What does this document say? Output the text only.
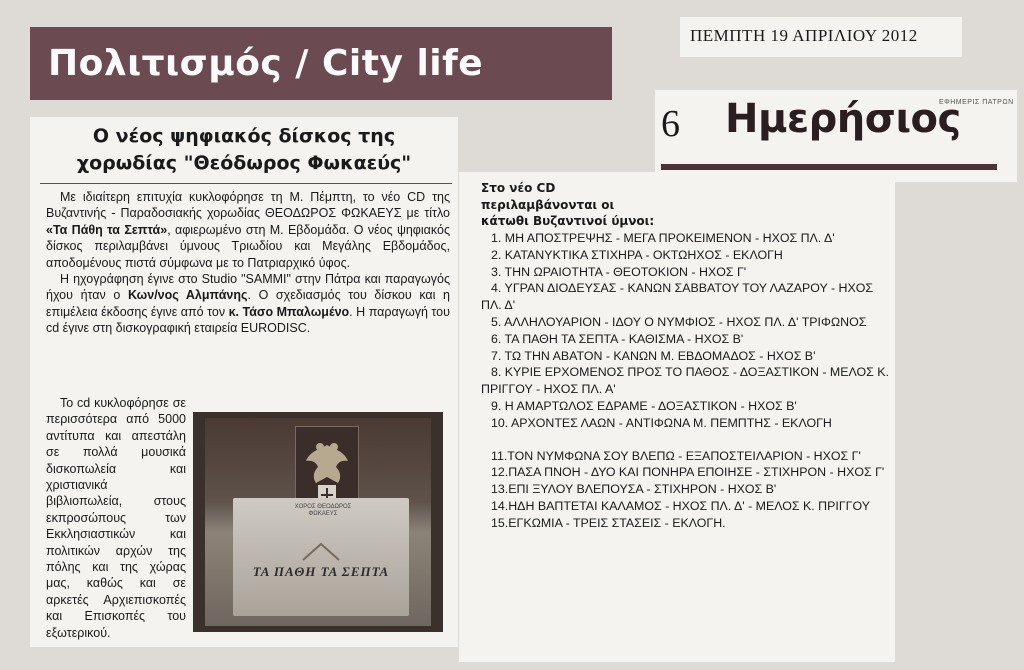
Πολιτισμός / City life
ΠΕΜΠΤΗ 19 ΑΠΡΙΛΙΟΥ 2012
6 Ημερήσιος
ΕΦΗΜΕΡΙΣ ΠΑΤΡΩΝ
Ο νέος ψηφιακός δίσκος της
χορωδίας "Θεόδωρος Φωκαεύς"

Με ιδιαίτερη επιτυχία κυκλοφόρησε τη Μ. Πέμπτη, το νέο CD της Βυζαντινής - Παραδοσιακής χορωδίας ΘΕΟΔΩΡΟΣ ΦΩΚΑΕΥΣ με τίτλο «Τα Πάθη τα Σεπτά», αφιερωμένο στη Μ. Εβδομάδα. Ο νέος ψηφιακός δίσκος περιλαμβάνει ύμνους Τριωδίου και Μεγάλης Εβδομάδος, αποδομένους πιστά σύμφωνα με το Πατριαρχικό ύφος.

Η ηχογράφηση έγινε στο Studio "SAMMI" στην Πάτρα και παραγωγός ήχου ήταν ο Κων/νος Αλμπάνης. Ο σχεδιασμός του δίσκου και η επιμέλεια έκδοσης έγινε από τον κ. Τάσο Μπαλωμένο. Η παραγωγή του cd έγινε στη δισκογραφική εταιρεία EURODISC.

Το cd κυκλοφόρησε σε περισσότερα από 5000 αντίτυπα και απεστάλη σε πολλά μουσικά δισκοπωλεία και χριστιανικά βιβλιοπωλεία, στους εκπροσώπους των Εκκλησιαστικών και πολιτικών αρχών της πόλης και της χώρας μας, καθώς και σε αρκετές Αρχιεπισκοπές και Επισκοπές του εξωτερικού.

ΧΟΡΟΣ ΘΕΟΔΩΡΟΣ ΦΩΚΑΕΥΣ
ΤΑ ΠΑΘΗ ΤΑ ΣΕΠΤΑ
Στο νέο CD περιλαμβάνονται οι κάτωθι Βυζαντινοί ύμνοι:
1. ΜΗ ΑΠΟΣΤΡΕΨΗΣ - ΜΕΓΑ ΠΡΟΚΕΙΜΕΝΟΝ - ΗΧΟΣ ΠΛ. Δ'
2. ΚΑΤΑΝΥΚΤΙΚΑ ΣΤΙΧΗΡΑ - ΟΚΤΩΗΧΟΣ - ΕΚΛΟΓΗ
3. ΤΗΝ ΩΡΑΙΟΤΗΤΑ - ΘΕΟΤΟΚΙΟΝ - ΗΧΟΣ Γ'
4. ΥΓΡΑΝ ΔΙΟΔΕΥΣΑΣ - ΚΑΝΩΝ ΣΑΒΒΑΤΟΥ ΤΟΥ ΛΑΖΑΡΟΥ - ΗΧΟΣ ΠΛ. Δ'
5. ΑΛΛΗΛΟΥΑΡΙΟΝ - ΙΔΟΥ Ο ΝΥΜΦΙΟΣ - ΗΧΟΣ ΠΛ. Δ' ΤΡΙΦΩΝΟΣ
6. ΤΑ ΠΑΘΗ ΤΑ ΣΕΠΤΑ - ΚΑΘΙΣΜΑ - ΗΧΟΣ Β'
7. ΤΩ ΤΗΝ ΑΒΑΤΟΝ - ΚΑΝΩΝ Μ. ΕΒΔΟΜΑΔΟΣ - ΗΧΟΣ Β'
8. ΚΥΡΙΕ ΕΡΧΟΜΕΝΟΣ ΠΡΟΣ ΤΟ ΠΑΘΟΣ - ΔΟΞΑΣΤΙΚΟΝ - ΜΕΛΟΣ Κ. ΠΡΙΓΓΟΥ - ΗΧΟΣ ΠΛ. Α'
9. Η ΑΜΑΡΤΩΛΟΣ ΕΔΡΑΜΕ - ΔΟΞΑΣΤΙΚΟΝ - ΗΧΟΣ Β'
10. ΑΡΧΟΝΤΕΣ ΛΑΩΝ - ΑΝΤΙΦΩΝΑ Μ. ΠΕΜΠΤΗΣ - ΕΚΛΟΓΗ
11.ΤΟΝ ΝΥΜΦΩΝΑ ΣΟΥ ΒΛΕΠΩ - ΕΞΑΠΟΣΤΕΙΛΑΡΙΟΝ - ΗΧΟΣ Γ'
12.ΠΑΣΑ ΠΝΟΗ - ΔΥΟ ΚΑΙ ΠΟΝΗΡΑ ΕΠΟΙΗΣΕ - ΣΤΙΧΗΡΟΝ - ΗΧΟΣ Γ'
13.ΕΠΙ ΞΥΛΟΥ ΒΛΕΠΟΥΣΑ - ΣΤΙΧΗΡΟΝ - ΗΧΟΣ Β'
14.ΗΔΗ ΒΑΠΤΕΤΑΙ ΚΑΛΑΜΟΣ - ΗΧΟΣ ΠΛ. Δ' - ΜΕΛΟΣ Κ. ΠΡΙΓΓΟΥ
15.ΕΓΚΩΜΙΑ - ΤΡΕΙΣ ΣΤΑΣΕΙΣ - ΕΚΛΟΓΗ.
